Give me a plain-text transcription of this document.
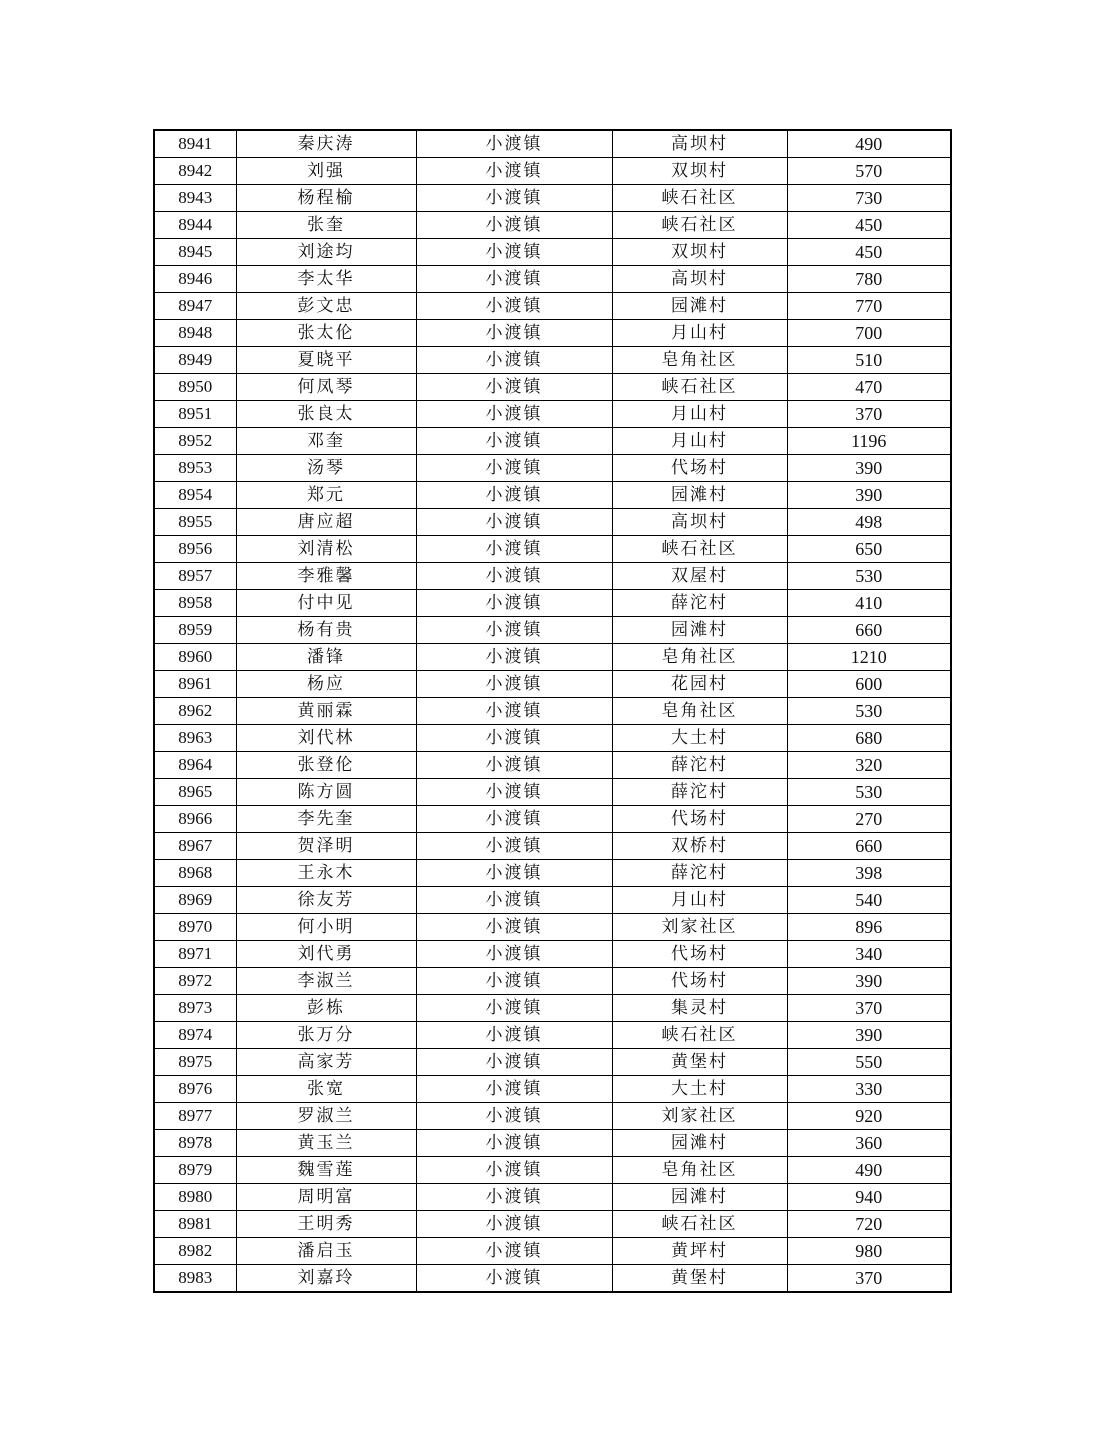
8941	秦庆涛	小渡镇	高坝村	490
8942	刘强	小渡镇	双坝村	570
8943	杨程榆	小渡镇	峡石社区	730
8944	张奎	小渡镇	峡石社区	450
8945	刘途均	小渡镇	双坝村	450
8946	李太华	小渡镇	高坝村	780
8947	彭文忠	小渡镇	园滩村	770
8948	张太伦	小渡镇	月山村	700
8949	夏晓平	小渡镇	皂角社区	510
8950	何凤琴	小渡镇	峡石社区	470
8951	张良太	小渡镇	月山村	370
8952	邓奎	小渡镇	月山村	1196
8953	汤琴	小渡镇	代场村	390
8954	郑元	小渡镇	园滩村	390
8955	唐应超	小渡镇	高坝村	498
8956	刘清松	小渡镇	峡石社区	650
8957	李雅馨	小渡镇	双屋村	530
8958	付中见	小渡镇	薛沱村	410
8959	杨有贵	小渡镇	园滩村	660
8960	潘锋	小渡镇	皂角社区	1210
8961	杨应	小渡镇	花园村	600
8962	黄丽霖	小渡镇	皂角社区	530
8963	刘代林	小渡镇	大土村	680
8964	张登伦	小渡镇	薛沱村	320
8965	陈方圆	小渡镇	薛沱村	530
8966	李先奎	小渡镇	代场村	270
8967	贺泽明	小渡镇	双桥村	660
8968	王永木	小渡镇	薛沱村	398
8969	徐友芳	小渡镇	月山村	540
8970	何小明	小渡镇	刘家社区	896
8971	刘代勇	小渡镇	代场村	340
8972	李淑兰	小渡镇	代场村	390
8973	彭栋	小渡镇	集灵村	370
8974	张万分	小渡镇	峡石社区	390
8975	高家芳	小渡镇	黄堡村	550
8976	张宽	小渡镇	大土村	330
8977	罗淑兰	小渡镇	刘家社区	920
8978	黄玉兰	小渡镇	园滩村	360
8979	魏雪莲	小渡镇	皂角社区	490
8980	周明富	小渡镇	园滩村	940
8981	王明秀	小渡镇	峡石社区	720
8982	潘启玉	小渡镇	黄坪村	980
8983	刘嘉玲	小渡镇	黄堡村	370
